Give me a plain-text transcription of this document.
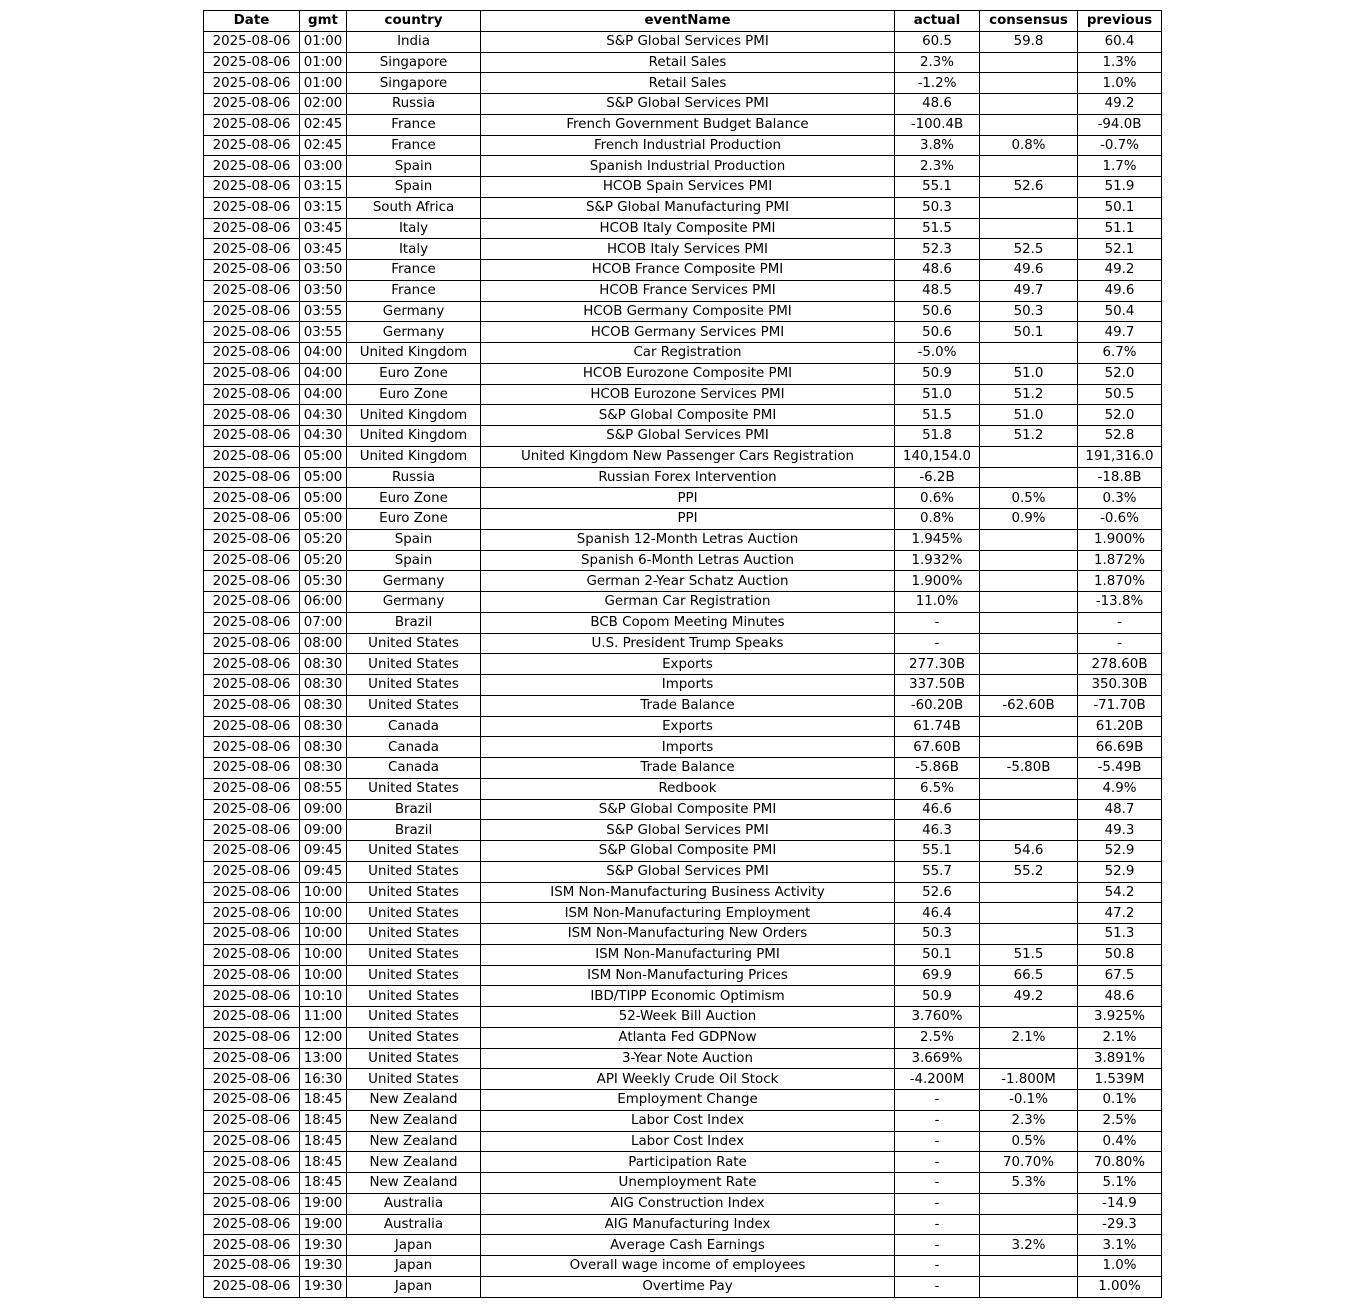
Date	gmt	country	eventName	actual	consensus	previous
2025-08-06	01:00	India	S&P Global Services PMI	60.5	59.8	60.4
2025-08-06	01:00	Singapore	Retail Sales	2.3%		1.3%
2025-08-06	01:00	Singapore	Retail Sales	-1.2%		1.0%
2025-08-06	02:00	Russia	S&P Global Services PMI	48.6		49.2
2025-08-06	02:45	France	French Government Budget Balance	-100.4B		-94.0B
2025-08-06	02:45	France	French Industrial Production	3.8%	0.8%	-0.7%
2025-08-06	03:00	Spain	Spanish Industrial Production	2.3%		1.7%
2025-08-06	03:15	Spain	HCOB Spain Services PMI	55.1	52.6	51.9
2025-08-06	03:15	South Africa	S&P Global Manufacturing PMI	50.3		50.1
2025-08-06	03:45	Italy	HCOB Italy Composite PMI	51.5		51.1
2025-08-06	03:45	Italy	HCOB Italy Services PMI	52.3	52.5	52.1
2025-08-06	03:50	France	HCOB France Composite PMI	48.6	49.6	49.2
2025-08-06	03:50	France	HCOB France Services PMI	48.5	49.7	49.6
2025-08-06	03:55	Germany	HCOB Germany Composite PMI	50.6	50.3	50.4
2025-08-06	03:55	Germany	HCOB Germany Services PMI	50.6	50.1	49.7
2025-08-06	04:00	United Kingdom	Car Registration	-5.0%		6.7%
2025-08-06	04:00	Euro Zone	HCOB Eurozone Composite PMI	50.9	51.0	52.0
2025-08-06	04:00	Euro Zone	HCOB Eurozone Services PMI	51.0	51.2	50.5
2025-08-06	04:30	United Kingdom	S&P Global Composite PMI	51.5	51.0	52.0
2025-08-06	04:30	United Kingdom	S&P Global Services PMI	51.8	51.2	52.8
2025-08-06	05:00	United Kingdom	United Kingdom New Passenger Cars Registration	140,154.0		191,316.0
2025-08-06	05:00	Russia	Russian Forex Intervention	-6.2B		-18.8B
2025-08-06	05:00	Euro Zone	PPI	0.6%	0.5%	0.3%
2025-08-06	05:00	Euro Zone	PPI	0.8%	0.9%	-0.6%
2025-08-06	05:20	Spain	Spanish 12-Month Letras Auction	1.945%		1.900%
2025-08-06	05:20	Spain	Spanish 6-Month Letras Auction	1.932%		1.872%
2025-08-06	05:30	Germany	German 2-Year Schatz Auction	1.900%		1.870%
2025-08-06	06:00	Germany	German Car Registration	11.0%		-13.8%
2025-08-06	07:00	Brazil	BCB Copom Meeting Minutes	-		-
2025-08-06	08:00	United States	U.S. President Trump Speaks	-		-
2025-08-06	08:30	United States	Exports	277.30B		278.60B
2025-08-06	08:30	United States	Imports	337.50B		350.30B
2025-08-06	08:30	United States	Trade Balance	-60.20B	-62.60B	-71.70B
2025-08-06	08:30	Canada	Exports	61.74B		61.20B
2025-08-06	08:30	Canada	Imports	67.60B		66.69B
2025-08-06	08:30	Canada	Trade Balance	-5.86B	-5.80B	-5.49B
2025-08-06	08:55	United States	Redbook	6.5%		4.9%
2025-08-06	09:00	Brazil	S&P Global Composite PMI	46.6		48.7
2025-08-06	09:00	Brazil	S&P Global Services PMI	46.3		49.3
2025-08-06	09:45	United States	S&P Global Composite PMI	55.1	54.6	52.9
2025-08-06	09:45	United States	S&P Global Services PMI	55.7	55.2	52.9
2025-08-06	10:00	United States	ISM Non-Manufacturing Business Activity	52.6		54.2
2025-08-06	10:00	United States	ISM Non-Manufacturing Employment	46.4		47.2
2025-08-06	10:00	United States	ISM Non-Manufacturing New Orders	50.3		51.3
2025-08-06	10:00	United States	ISM Non-Manufacturing PMI	50.1	51.5	50.8
2025-08-06	10:00	United States	ISM Non-Manufacturing Prices	69.9	66.5	67.5
2025-08-06	10:10	United States	IBD/TIPP Economic Optimism	50.9	49.2	48.6
2025-08-06	11:00	United States	52-Week Bill Auction	3.760%		3.925%
2025-08-06	12:00	United States	Atlanta Fed GDPNow	2.5%	2.1%	2.1%
2025-08-06	13:00	United States	3-Year Note Auction	3.669%		3.891%
2025-08-06	16:30	United States	API Weekly Crude Oil Stock	-4.200M	-1.800M	1.539M
2025-08-06	18:45	New Zealand	Employment Change	-	-0.1%	0.1%
2025-08-06	18:45	New Zealand	Labor Cost Index	-	2.3%	2.5%
2025-08-06	18:45	New Zealand	Labor Cost Index	-	0.5%	0.4%
2025-08-06	18:45	New Zealand	Participation Rate	-	70.70%	70.80%
2025-08-06	18:45	New Zealand	Unemployment Rate	-	5.3%	5.1%
2025-08-06	19:00	Australia	AIG Construction Index	-		-14.9
2025-08-06	19:00	Australia	AIG Manufacturing Index	-		-29.3
2025-08-06	19:30	Japan	Average Cash Earnings	-	3.2%	3.1%
2025-08-06	19:30	Japan	Overall wage income of employees	-		1.0%
2025-08-06	19:30	Japan	Overtime Pay	-		1.00%
